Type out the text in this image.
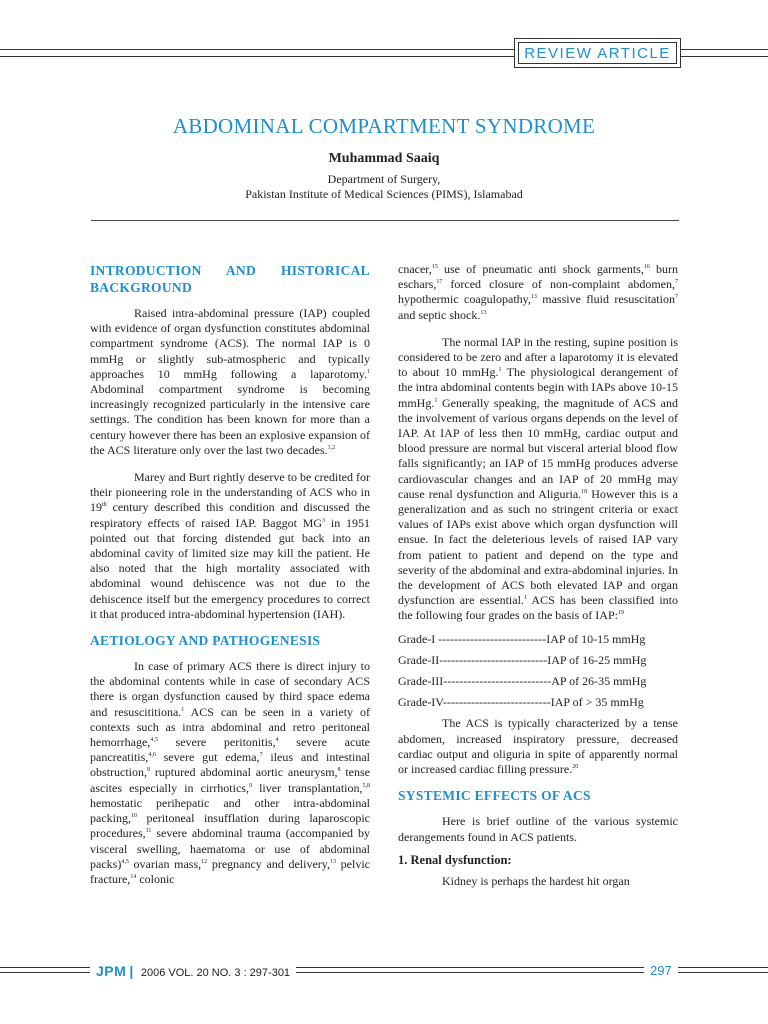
REVIEW ARTICLE
ABDOMINAL COMPARTMENT SYNDROME
Muhammad Saaiq
Department of Surgery,
Pakistan Institute of Medical Sciences (PIMS), Islamabad
INTRODUCTION AND HISTORICAL BACKGROUND

Raised intra-abdominal pressure (IAP) coupled with evidence of organ dysfunction constitutes abdominal compartment syndrome (ACS). The normal IAP is 0 mmHg or slightly sub-atmospheric and typically approaches 10 mmHg following a laparotomy.$^1$ Abdominal compartment syndrome is becoming increasingly recognized particularly in the intensive care settings. The condition has been known for more than a century however there has been an explosive expansion of the ACS literature only over the last two decades.$^{1,2}$

Marey and Burt rightly deserve to be credited for their pioneering role in the understanding of ACS who in 19th century described this condition and discussed the respiratory effects of raised IAP. Baggot $MG^3$ in 1951 pointed out that forcing distended gut back into an abdominal cavity of limited size may kill the patient. He also noted that the high mortality associated with abdominal wound dehiscence was not due to the dehiscence itself but the emergency procedures to correct it that produced intra-abdominal hypertension (IAH).

AETIOLOGY AND PATHOGENESIS

In case of primary ACS there is direct injury to the abdominal contents while in case of secondary ACS there is organ dysfunction caused by third space edema and resuscititiona.$^1$ ACS can be seen in a variety of contexts such as intra abdominal and retro peritoneal hemorrhage,$^{4,5}$ severe peritonitis,$^4$ severe acute pancreatitis,$^{4,6}$ severe gut edema,$^7$ ileus and intestinal obstruction,$^8$ ruptured abdominal aortic aneurysm,$^8$ tense ascites especially in cirrhotics,$^9$ liver transplantation,$^{5,8}$ hemostatic perihepatic and other intra-abdominal packing,$^{10}$ peritoneal insufflation during laparoscopic procedures,$^{11}$ severe abdominal trauma (accompanied by visceral swelling, haematoma or use of abdominal packs)$^{4,5}$ ovarian mass,$^{12}$ pregnancy and delivery,$^{13}$ pelvic fracture,$^{14}$ colonic

cnacer,$^{15}$ use of pneumatic anti shock garments,$^{16}$ burn eschars,$^{17}$ forced closure of non-complaint abdomen,$^7$ hypothermic coagulopathy,$^{13}$ massive fluid resuscitation$^7$ and septic shock.$^{13}$

The normal IAP in the resting, supine position is considered to be zero and after a laparotomy it is elevated to about 10 mmHg.$^1$ The physiological derangement of the intra abdominal contents begin with IAPs above 10-15 mmHg.$^1$ Generally speaking, the magnitude of ACS and the involvement of various organs depends on the level of IAP. At IAP of less then 10 mmHg, cardiac output and blood pressure are normal but visceral arterial blood flow falls significantly; an IAP of 15 mmHg produces adverse cardiovascular changes and an IAP of 20 mmHg may cause renal dysfunction and Aliguria.$^{18}$ However this is a generalization and as such no stringent criteria or exact values of IAPs exist above which organ dysfunction will ensue. In fact the deleterious levels of raised IAP vary from patient to patient and depend on the type and severity of the abdominal and extra-abdominal injuries. In the development of ACS both elevated IAP and organ dysfunction are essential.$^1$ ACS has been classified into the following four grades on the basis of IAP:$^{19}$

Grade-I ---------------------------IAP of 10-15 mmHg
Grade-II---------------------------IAP of 16-25 mmHg
Grade-III---------------------------AP of 26-35 mmHg
Grade-IV---------------------------IAP of > 35 mmHg

The ACS is typically characterized by a tense abdomen, increased inspiratory pressure, decreased cardiac output and oliguria in spite of apparently normal or increased cardiac filling pressure.$^{20}$

SYSTEMIC EFFECTS OF ACS

Here is brief outline of the various systemic derangements found in ACS patients.

1. Renal dysfunction:

Kidney is perhaps the hardest hit organ

JPM | 2006 VOL. 20 NO. 3 : 297-301	297
